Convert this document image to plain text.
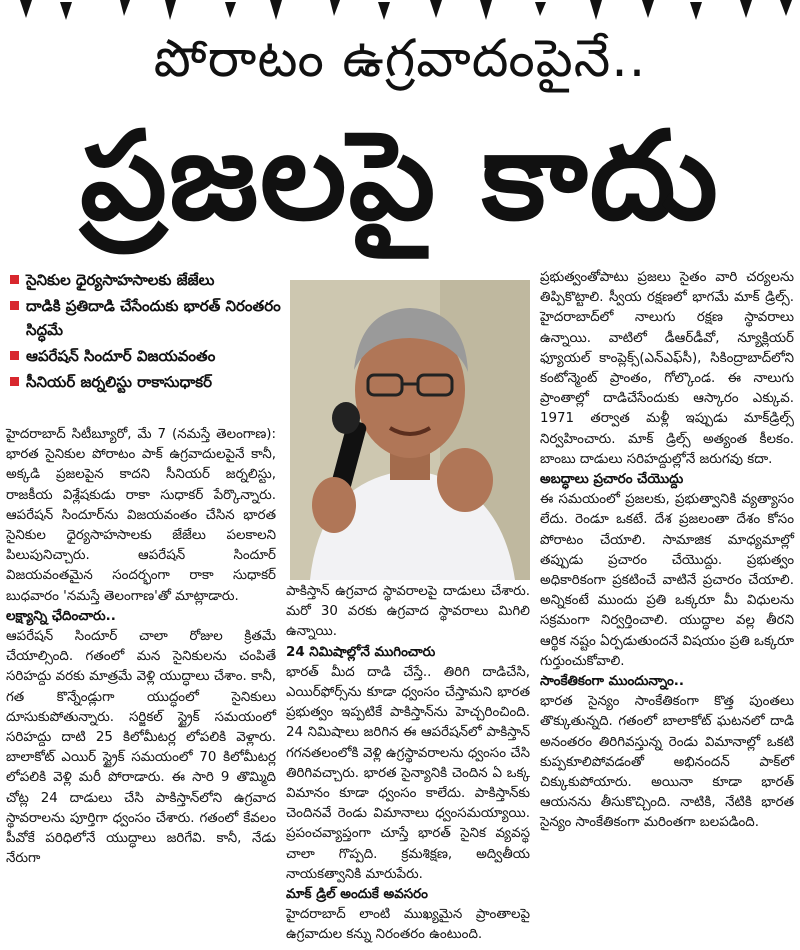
పోరాటం ఉగ్రవాదంపైనే..
ప్రజలపై కాదు
సైనికుల ధైర్యసాహసాలకు జేజేలు
దాడికి ప్రతిదాడి చేసేందుకు భారత్ నిరంతరం సిద్ధమే
ఆపరేషన్ సిందూర్ విజయవంతం
సీనియర్ జర్నలిస్టు రాకాసుధాకర్

హైదరాబాద్ సిటీబ్యూరో, మే 7 (నమస్తే తెలంగాణ): భారత సైనికుల పోరాటం పాక్ ఉగ్రవాదులపైనే కానీ, అక్కడి ప్రజలపైన కాదని సీనియర్ జర్నలిస్టు, రాజకీయ విశ్లేషకుడు రాకా సుధాకర్ పేర్కొన్నారు. ఆపరేషన్ సిందూర్‌ను విజయవంతం చేసిన భారత సైనికుల ధైర్యసాహసాలకు జేజేలు పలకాలని పిలుపునిచ్చారు. ఆపరేషన్ సిందూర్ విజయవంతమైన సందర్భంగా రాకా సుధాకర్ బుధవారం 'నమస్తే తెలంగాణ'తో మాట్లాడారు.

లక్ష్యాన్ని ఛేదించారు..

ఆపరేషన్ సిందూర్ చాలా రోజుల క్రితమే చేయాల్సింది. గతంలో మన సైనికులను చంపితే సరిహద్దు వరకు మాత్రమే వెళ్లి యుద్ధాలు చేశాం. కానీ, గత కొన్నేండ్లుగా యుద్ధంలో సైనికులు దూసుకుపోతున్నారు. సర్జికల్ స్ట్రైక్ సమయంలో సరిహద్దు దాటి 25 కిలోమీటర్ల లోపలికి వెళ్లారు. బాలాకోట్ ఎయిర్ స్ట్రైక్ సమయంలో 70 కిలోమీటర్ల లోపలికి వెళ్లి మరీ పోరాడారు. ఈ సారి 9 తొమ్మిది చోట్ల 24 దాడులు చేసి పాకిస్తాన్‌లోని ఉగ్రవాద స్థావరాలను పూర్తిగా ధ్వంసం చేశారు. గతంలో కేవలం పీవోకే పరిధిలోనే యుద్ధాలు జరిగేవి. కానీ, నేడు నేరుగా

పాకిస్తాన్ ఉగ్రవాద స్థావరాలపై దాడులు చేశారు. మరో 30 వరకు ఉగ్రవాద స్థావరాలు మిగిలి ఉన్నాయి.

24 నిమిషాల్లోనే ముగించారు

భారత్ మీద దాడి చేస్తే.. తిరిగి దాడిచేసి, ఎయిర్‌ఫోర్స్‌ను కూడా ధ్వంసం చేస్తామని భారత ప్రభుత్వం ఇప్పటికే పాకిస్తాన్‌ను హెచ్చరించింది. 24 నిమిషాలు జరిగిన ఈ ఆపరేషన్‌లో పాకిస్తాన్ గగనతలంలోకి వెళ్లి ఉగ్రస్థావరాలను ధ్వంసం చేసి తిరిగివచ్చారు. భారత సైన్యానికి చెందిన ఏ ఒక్క విమానం కూడా ధ్వంసం కాలేదు. పాకిస్తాన్‌కు చెందినవే రెండు విమానాలు ధ్వంసమయ్యాయి. ప్రపంచవ్యాప్తంగా చూస్తే భారత్ సైనిక వ్యవస్థ చాలా గొప్పది. క్రమశిక్షణ, అద్వితీయ నాయకత్వానికి మారుపేరు.

మాక్ డ్రిల్ అందుకే అవసరం

హైదరాబాద్ లాంటి ముఖ్యమైన ప్రాంతాలపై ఉగ్రవాదుల కన్ను నిరంతరం ఉంటుంది.

ప్రభుత్వంతోపాటు ప్రజలు సైతం వారి చర్యలను తిప్పికొట్టాలి. స్వీయ రక్షణలో భాగమే మాక్ డ్రిల్స్. హైదరాబాద్‌లో నాలుగు రక్షణ స్థావరాలు ఉన్నాయి. వాటిలో డీఆర్‌డీవో, న్యూక్లియర్ ఫ్యూయల్ కాంప్లెక్స్(ఎన్‌ఎఫ్‌సీ), సికింద్రాబాద్‌లోని కంటోన్మెంట్ ప్రాంతం, గోల్కొండ. ఈ నాలుగు ప్రాంతాల్లో దాడిచేసేందుకు ఆస్కారం ఎక్కువ. 1971 తర్వాత మళ్లీ ఇప్పుడు మాక్‌డ్రిల్స్ నిర్వహించారు. మాక్ డ్రిల్స్ అత్యంత కీలకం. బాంబు దాడులు సరిహద్దుల్లోనే జరుగవు కదా.

అబద్ధాలు ప్రచారం చేయొద్దు

ఈ సమయంలో ప్రజలకు, ప్రభుత్వానికి వ్యత్యాసం లేదు. రెండూ ఒకటే. దేశ ప్రజలంతా దేశం కోసం పోరాటం చేయాలి. సామాజిక మాధ్యమాల్లో తప్పుడు ప్రచారం చేయొద్దు. ప్రభుత్వం అధికారికంగా ప్రకటించే వాటినే ప్రచారం చేయాలి. అన్నికంటే ముందు ప్రతి ఒక్కరూ మీ విధులను సక్రమంగా నిర్వర్తించాలి. యుద్ధాల వల్ల తీరని ఆర్థిక నష్టం ఏర్పడుతుందనే విషయం ప్రతి ఒక్కరూ గుర్తుంచుకోవాలి.

సాంకేతికంగా ముందున్నాం..

భారత సైన్యం సాంకేతికంగా కొత్త పుంతలు తొక్కుతున్నది. గతంలో బాలాకోట్ ఘటనలో దాడి అనంతరం తిరిగివస్తున్న రెండు విమానాల్లో ఒకటి కుప్పకూలిపోవడంతో అభినందన్ పాక్‌లో చిక్కుకుపోయారు. అయినా కూడా భారత్ ఆయనను తీసుకొచ్చింది. నాటికి, నేటికి భారత సైన్యం సాంకేతికంగా మరింతగా బలపడింది.
